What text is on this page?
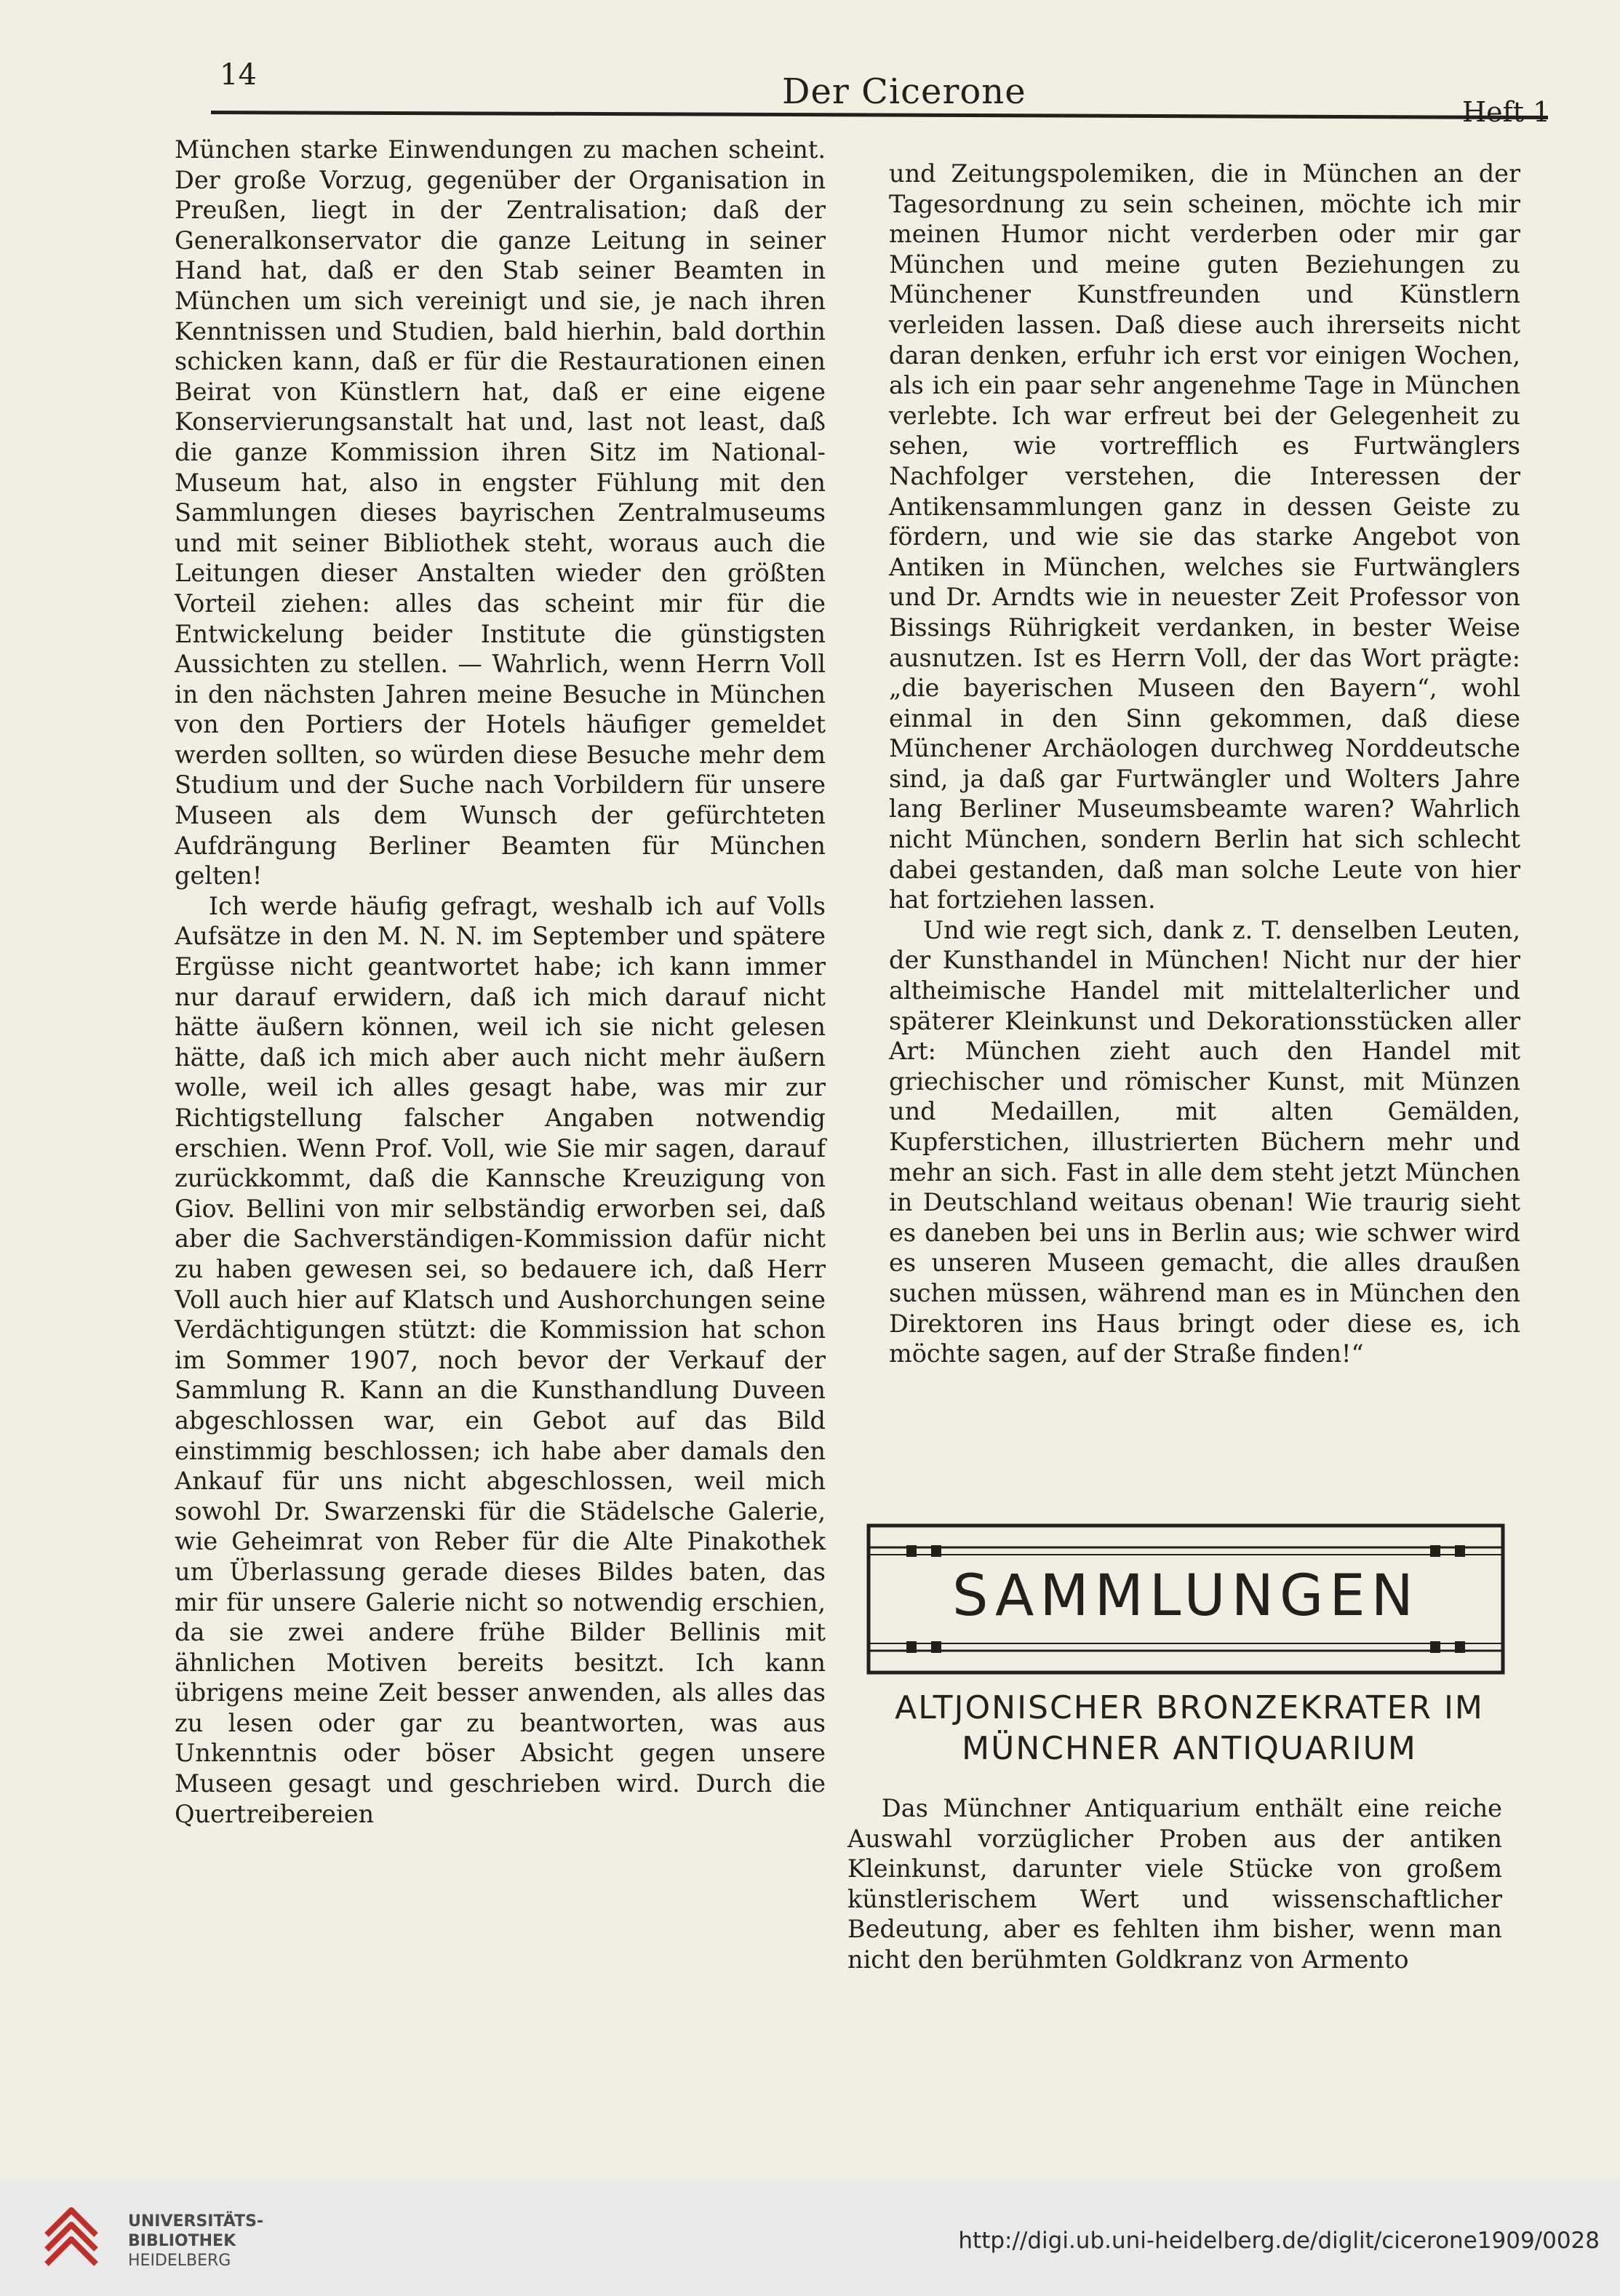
14	Der Cicerone	Heft 1

München starke Einwendungen zu machen scheint. Der große Vorzug, gegenüber der Organisation in Preußen, liegt in der Zentralisation; daß der Generalkonservator die ganze Leitung in seiner Hand hat, daß er den Stab seiner Beamten in München um sich vereinigt und sie, je nach ihren Kenntnissen und Studien, bald hierhin, bald dorthin schicken kann, daß er für die Restaurationen einen Beirat von Künstlern hat, daß er eine eigene Konservierungsanstalt hat und, last not least, daß die ganze Kommission ihren Sitz im National-Museum hat, also in engster Fühlung mit den Sammlungen dieses bayrischen Zentralmuseums und mit seiner Bibliothek steht, woraus auch die Leitungen dieser Anstalten wieder den größten Vorteil ziehen: alles das scheint mir für die Entwickelung beider Institute die günstigsten Aussichten zu stellen. — Wahrlich, wenn Herrn Voll in den nächsten Jahren meine Besuche in München von den Portiers der Hotels häufiger gemeldet werden sollten, so würden diese Besuche mehr dem Studium und der Suche nach Vorbildern für unsere Museen als dem Wunsch der gefürchteten Aufdrängung Berliner Beamten für München gelten!

Ich werde häufig gefragt, weshalb ich auf Volls Aufsätze in den M. N. N. im September und spätere Ergüsse nicht geantwortet habe; ich kann immer nur darauf erwidern, daß ich mich darauf nicht hätte äußern können, weil ich sie nicht gelesen hätte, daß ich mich aber auch nicht mehr äußern wolle, weil ich alles gesagt habe, was mir zur Richtigstellung falscher Angaben notwendig erschien. Wenn Prof. Voll, wie Sie mir sagen, darauf zurückkommt, daß die Kannsche Kreuzigung von Giov. Bellini von mir selbständig erworben sei, daß aber die Sachverständigen-Kommission dafür nicht zu haben gewesen sei, so bedauere ich, daß Herr Voll auch hier auf Klatsch und Aushorchungen seine Verdächtigungen stützt: die Kommission hat schon im Sommer 1907, noch bevor der Verkauf der Sammlung R. Kann an die Kunsthandlung Duveen abgeschlossen war, ein Gebot auf das Bild einstimmig beschlossen; ich habe aber damals den Ankauf für uns nicht abgeschlossen, weil mich sowohl Dr. Swarzenski für die Städelsche Galerie, wie Geheimrat von Reber für die Alte Pinakothek um Überlassung gerade dieses Bildes baten, das mir für unsere Galerie nicht so notwendig erschien, da sie zwei andere frühe Bilder Bellinis mit ähnlichen Motiven bereits besitzt. Ich kann übrigens meine Zeit besser anwenden, als alles das zu lesen oder gar zu beantworten, was aus Unkenntnis oder böser Absicht gegen unsere Museen gesagt und geschrieben wird. Durch die Quertreibereien

und Zeitungspolemiken, die in München an der Tagesordnung zu sein scheinen, möchte ich mir meinen Humor nicht verderben oder mir gar München und meine guten Beziehungen zu Münchener Kunstfreunden und Künstlern verleiden lassen. Daß diese auch ihrerseits nicht daran denken, erfuhr ich erst vor einigen Wochen, als ich ein paar sehr angenehme Tage in München verlebte. Ich war erfreut bei der Gelegenheit zu sehen, wie vortrefflich es Furtwänglers Nachfolger verstehen, die Interessen der Antikensammlungen ganz in dessen Geiste zu fördern, und wie sie das starke Angebot von Antiken in München, welches sie Furtwänglers und Dr. Arndts wie in neuester Zeit Professor von Bissings Rührigkeit verdanken, in bester Weise ausnutzen. Ist es Herrn Voll, der das Wort prägte: „die bayerischen Museen den Bayern“, wohl einmal in den Sinn gekommen, daß diese Münchener Archäologen durchweg Norddeutsche sind, ja daß gar Furtwängler und Wolters Jahre lang Berliner Museumsbeamte waren? Wahrlich nicht München, sondern Berlin hat sich schlecht dabei gestanden, daß man solche Leute von hier hat fortziehen lassen.

Und wie regt sich, dank z. T. denselben Leuten, der Kunsthandel in München! Nicht nur der hier altheimische Handel mit mittelalterlicher und späterer Kleinkunst und Dekorationsstücken aller Art: München zieht auch den Handel mit griechischer und römischer Kunst, mit Münzen und Medaillen, mit alten Gemälden, Kupferstichen, illustrierten Büchern mehr und mehr an sich. Fast in alle dem steht jetzt München in Deutschland weitaus obenan! Wie traurig sieht es daneben bei uns in Berlin aus; wie schwer wird es unseren Museen gemacht, die alles draußen suchen müssen, während man es in München den Direktoren ins Haus bringt oder diese es, ich möchte sagen, auf der Straße finden!“

SAMMLUNGEN
ALTJONISCHER BRONZEKRATER IM
MÜNCHNER ANTIQUARIUM

Das Münchner Antiquarium enthält eine reiche Auswahl vorzüglicher Proben aus der antiken Kleinkunst, darunter viele Stücke von großem künstlerischem Wert und wissenschaftlicher Bedeutung, aber es fehlten ihm bisher, wenn man nicht den berühmten Goldkranz von Armento

UNIVERSITÄTS-
BIBLIOTHEK
HEIDELBERG
http://digi.ub.uni-heidelberg.de/diglit/cicerone1909/0028
